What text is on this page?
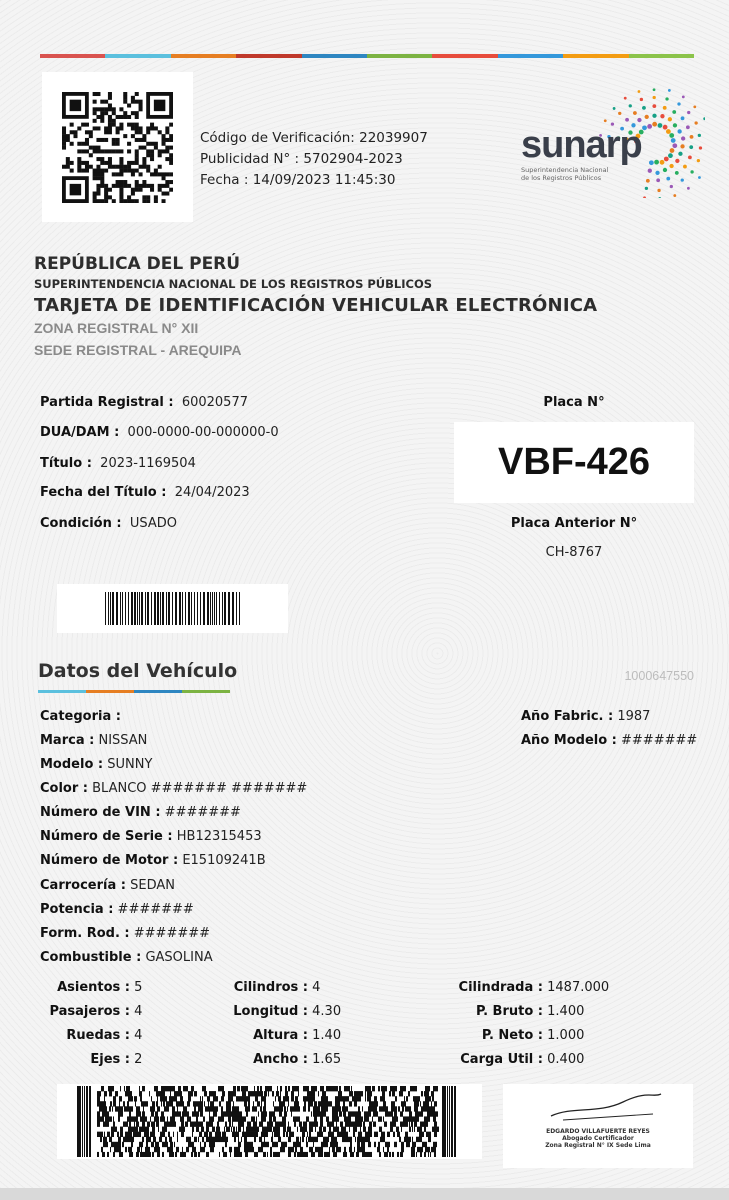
Código de Verificación: 22039907
Publicidad N° : 5702904-2023
Fecha : 14/09/2023 11:45:30
sunarp
Superintendencia Nacional
de los Registros Públicos
REPÚBLICA DEL PERÚ
SUPERINTENDENCIA NACIONAL DE LOS REGISTROS PÚBLICOS
TARJETA DE IDENTIFICACIÓN VEHICULAR ELECTRÓNICA
ZONA REGISTRAL N° XII
SEDE REGISTRAL - AREQUIPA
Partida Registral : 60020577
DUA/DAM : 000-0000-00-000000-0
Título : 2023-1169504
Fecha del Título : 24/04/2023
Condición : USADO
Placa N°
VBF-426
Placa Anterior N°
CH-8767
Datos del Vehículo	1000647550
Categoria :
Marca : NISSAN
Modelo : SUNNY
Color : BLANCO ####### #######
Número de VIN : #######
Número de Serie : HB12315453
Número de Motor : E15109241B
Carrocería : SEDAN
Potencia : #######
Form. Rod. : #######
Combustible : GASOLINA
Año Fabric. : 1987
Año Modelo : #######
Asientos : 5
Pasajeros : 4
Ruedas : 4
Ejes : 2
Cilindros : 4
Longitud : 4.30
Altura : 1.40
Ancho : 1.65
Cilindrada : 1487.000
P. Bruto : 1.400
P. Neto : 1.000
Carga Util : 0.400
EDGARDO VILLAFUERTE REYES
Abogado Certificador
Zona Registral N° IX Sede Lima
